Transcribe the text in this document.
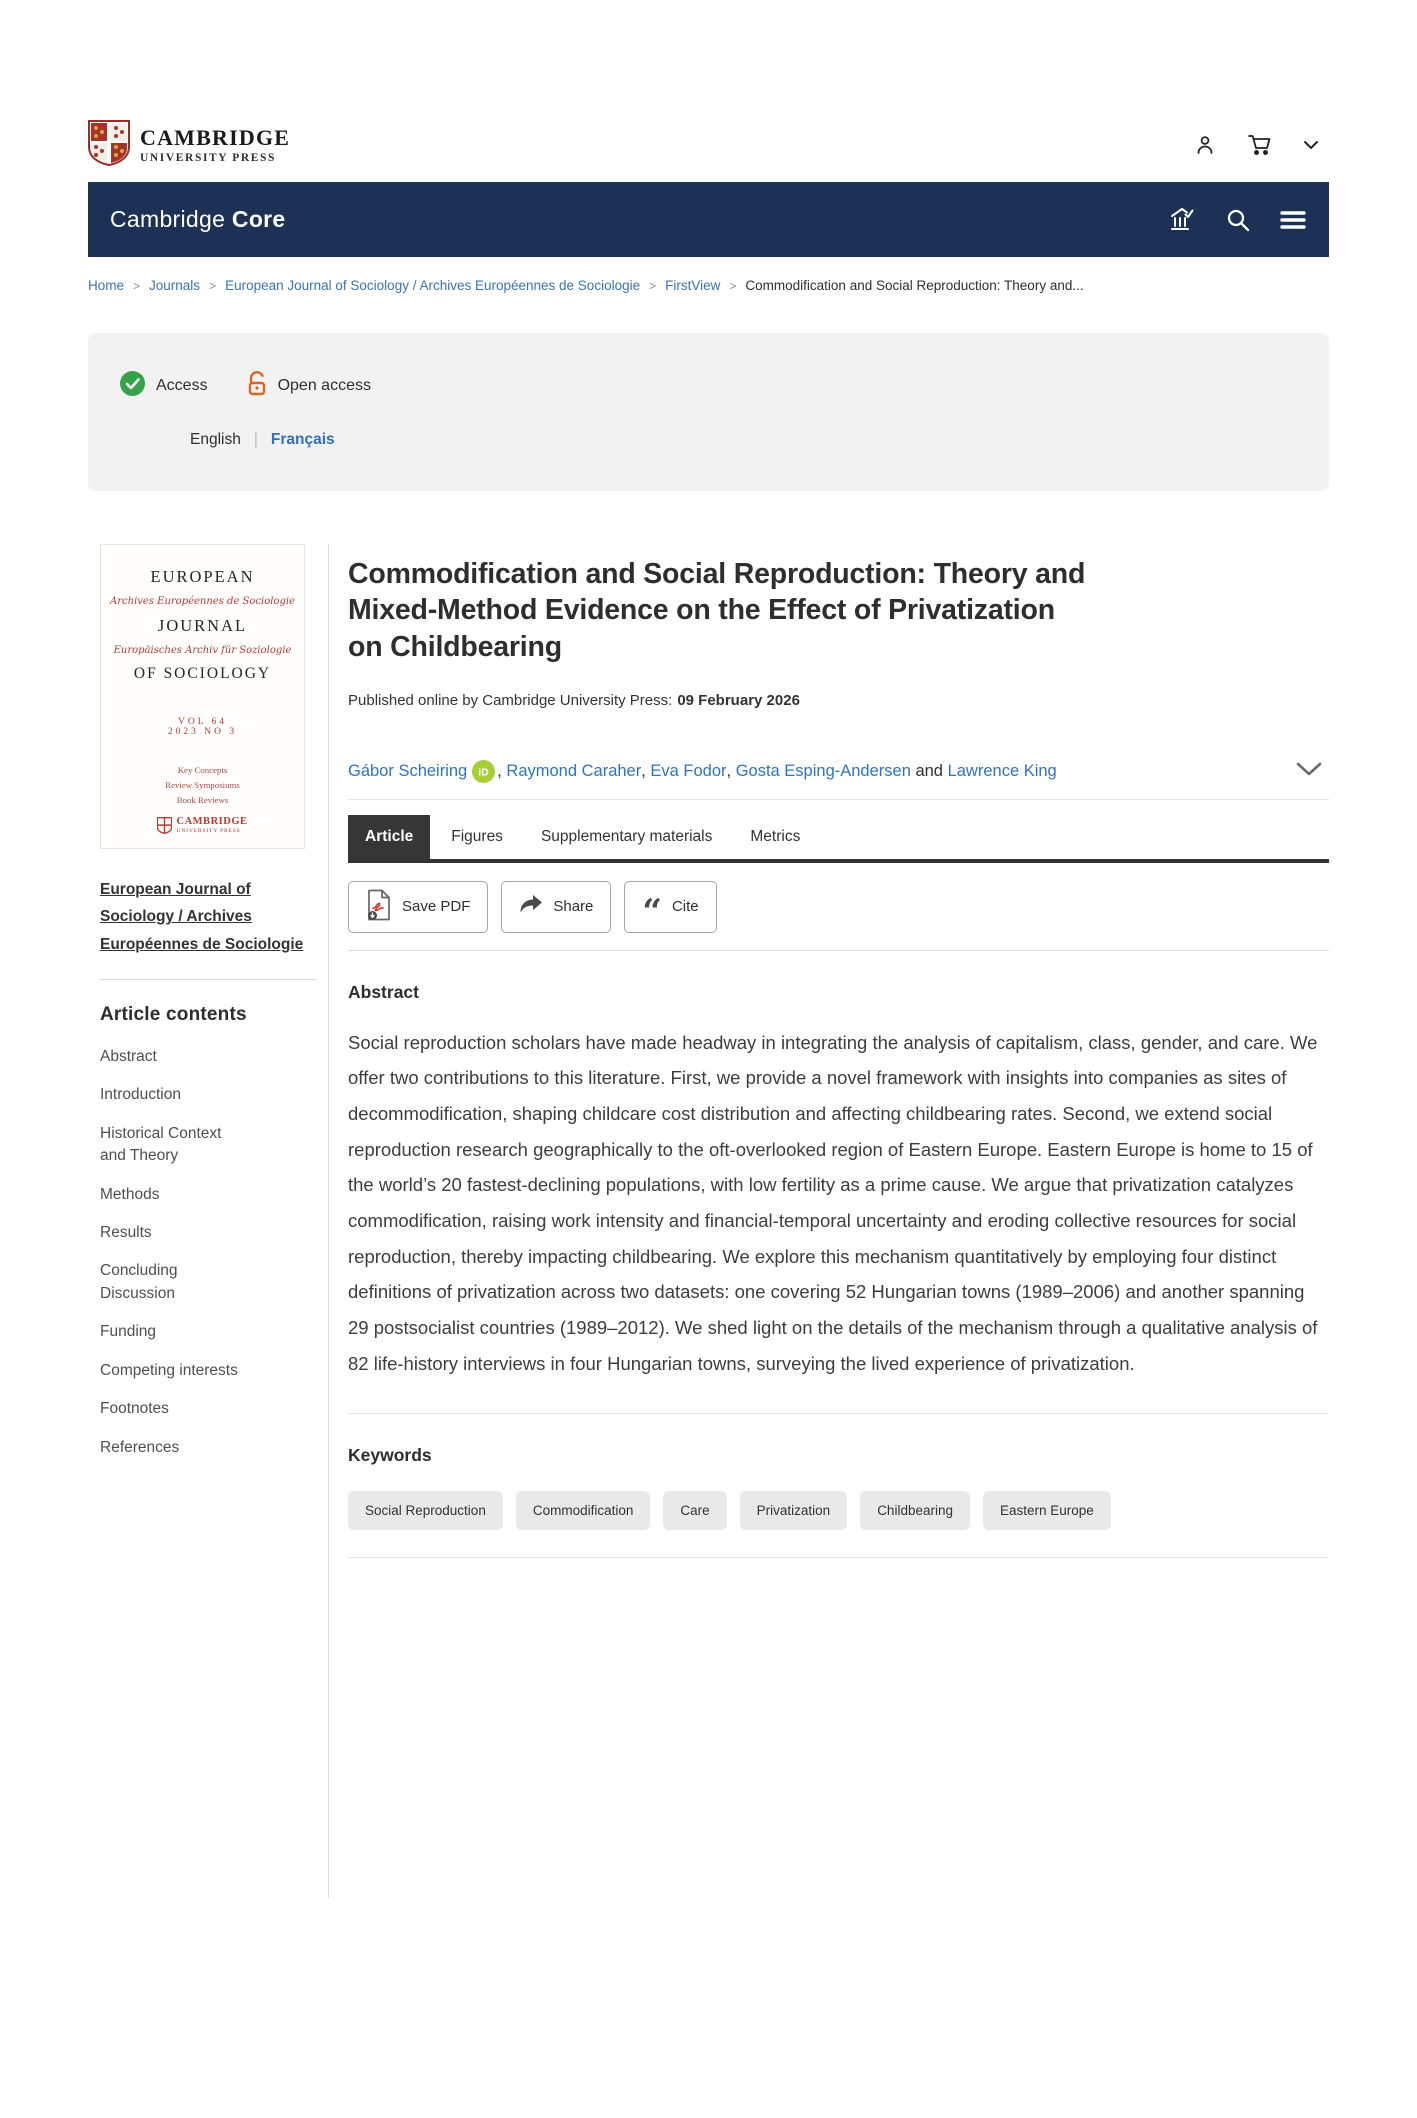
CAMBRIDGE
UNIVERSITY PRESS
Cambridge Core
Home > Journals > European Journal of Sociology / Archives Européennes de Sociologie > FirstView > Commodification and Social Reproduction: Theory and...
Access	Open access
English | Français
EUROPEAN
Archives Européennes de Sociologie
JOURNAL
Europäisches Archiv für Soziologie
OF SOCIOLOGY
VOL 64
2023 NO 3
Key Concepts
Review Symposiums
Book Reviews
CAMBRIDGE
UNIVERSITY PRESS
European Journal of Sociology / Archives Européennes de Sociologie
Article contents
Abstract
Introduction
Historical Context
and Theory
Methods
Results
Concluding
Discussion
Funding
Competing interests
Footnotes
References
Commodification and Social Reproduction: Theory and
Mixed-Method Evidence on the Effect of Privatization
on Childbearing
Published online by Cambridge University Press: 09 February 2026
Gábor Scheiring iD , Raymond Caraher , Eva Fodor , Gosta Esping-Andersen and Lawrence King
Article	Figures	Supplementary materials	Metrics
Save PDF	Share “ Cite
Abstract

Social reproduction scholars have made headway in integrating the analysis of capitalism, class, gender, and care. We offer two contributions to this literature. First, we provide a novel framework with insights into companies as sites of decommodification, shaping childcare cost distribution and affecting childbearing rates. Second, we extend social reproduction research geographically to the oft-overlooked region of Eastern Europe. Eastern Europe is home to 15 of the world’s 20 fastest-declining populations, with low fertility as a prime cause. We argue that privatization catalyzes commodification, raising work intensity and financial-temporal uncertainty and eroding collective resources for social reproduction, thereby impacting childbearing. We explore this mechanism quantitatively by employing four distinct definitions of privatization across two datasets: one covering 52 Hungarian towns (1989–2006) and another spanning 29 postsocialist countries (1989–2012). We shed light on the details of the mechanism through a qualitative analysis of 82 life-history interviews in four Hungarian towns, surveying the lived experience of privatization.

Keywords
Social Reproduction	Commodification	Care	Privatization	Childbearing	Eastern Europe
